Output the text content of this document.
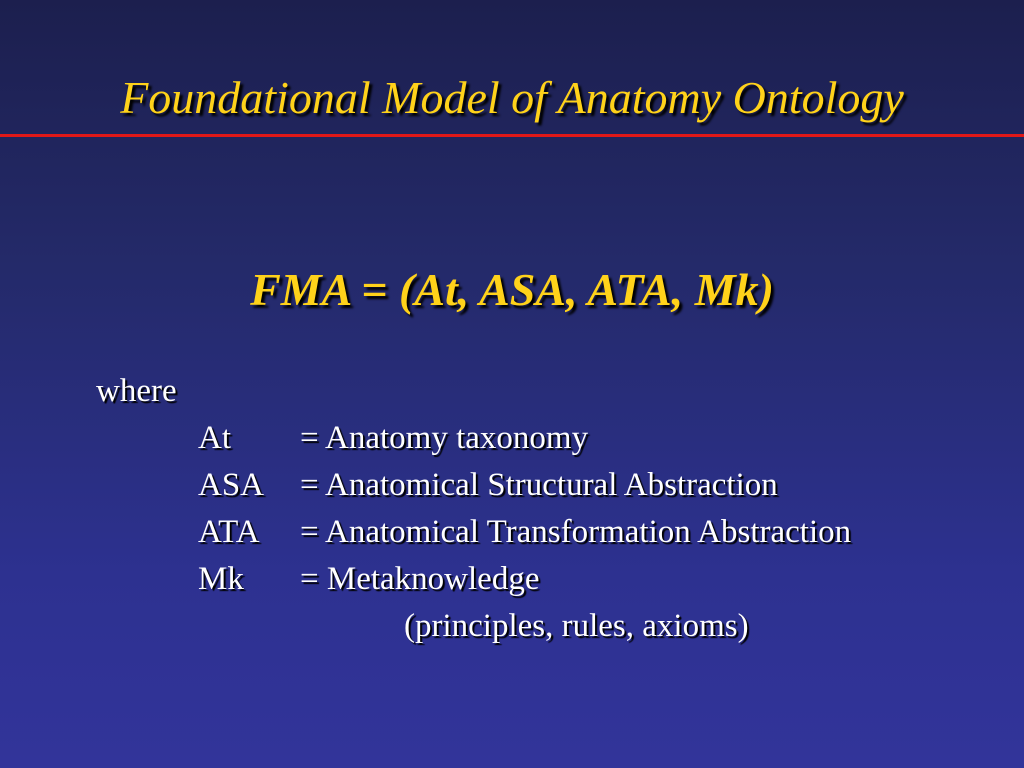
Foundational Model of Anatomy Ontology
FMA = (At, ASA, ATA, Mk)
where
At	= Anatomy taxonomy
ASA	= Anatomical Structural Abstraction
ATA	= Anatomical Transformation Abstraction
Mk	= Metaknowledge
(principles, rules, axioms)
